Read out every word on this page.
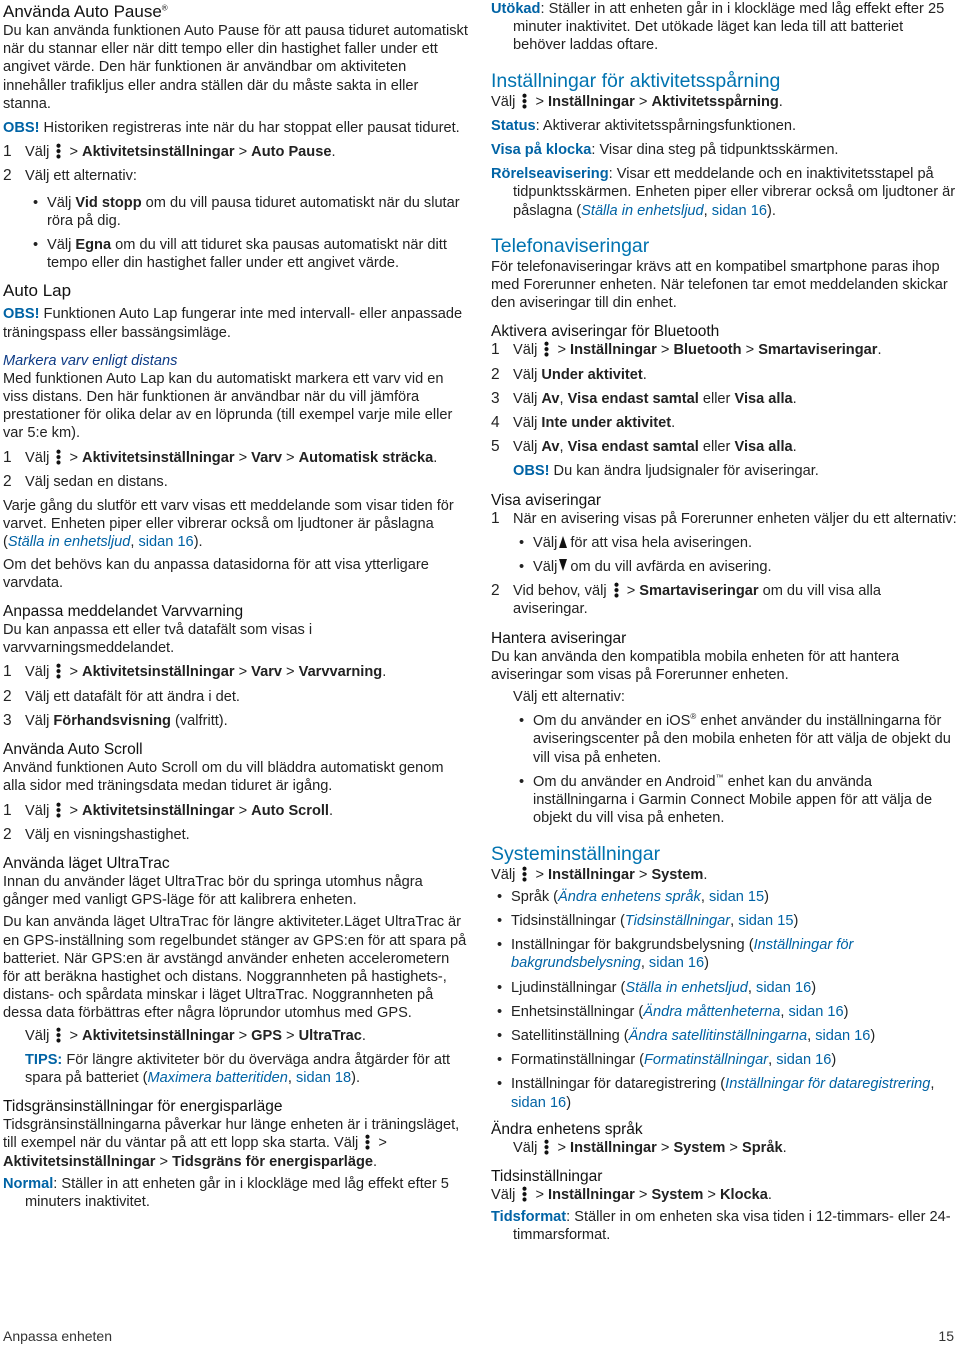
Använda Auto Pause®

Du kan använda funktionen Auto Pause för att pausa tiduret automatiskt när du stannar eller när ditt tempo eller din hastighet faller under ett angivet värde. Den här funktionen är användbar om aktiviteten innehåller trafikljus eller andra ställen där du måste sakta in eller stanna.

OBS! Historiken registreras inte när du har stoppat eller pausat tiduret.

1 Välj  > Aktivitetsinställningar > Auto Pause.
2 Välj ett alternativ:
• Välj Vid stopp om du vill pausa tiduret automatiskt när du slutar röra på dig.
• Välj Egna om du vill att tiduret ska pausas automatiskt när ditt tempo eller din hastighet faller under ett angivet värde.
Auto Lap

OBS! Funktionen Auto Lap fungerar inte med intervall- eller anpassade träningspass eller bassängsimläge.

Markera varv enligt distans

Med funktionen Auto Lap kan du automatiskt markera ett varv vid en viss distans. Den här funktionen är användbar när du vill jämföra prestationer för olika delar av en löprunda (till exempel varje mile eller var 5:e km).

1 Välj  > Aktivitetsinställningar > Varv > Automatisk sträcka.
2 Välj sedan en distans.

Varje gång du slutför ett varv visas ett meddelande som visar tiden för varvet. Enheten piper eller vibrerar också om ljudtoner är påslagna (Ställa in enhetsljud, sidan 16).

Om det behövs kan du anpassa datasidorna för att visa ytterligare varvdata.

Anpassa meddelandet Varvvarning

Du kan anpassa ett eller två datafält som visas i varvvarningsmeddelandet.

1 Välj  > Aktivitetsinställningar > Varv > Varvvarning.
2 Välj ett datafält för att ändra i det.
3 Välj Förhandsvisning (valfritt).
Använda Auto Scroll

Använd funktionen Auto Scroll om du vill bläddra automatiskt genom alla sidor med träningsdata medan tiduret är igång.

1 Välj  > Aktivitetsinställningar > Auto Scroll.
2 Välj en visningshastighet.
Använda läget UltraTrac

Innan du använder läget UltraTrac bör du springa utomhus några gånger med vanligt GPS-läge för att kalibrera enheten.

Du kan använda läget UltraTrac för längre aktiviteter.Läget UltraTrac är en GPS-inställning som regelbundet stänger av GPS:en för att spara på batteriet. När GPS:en är avstängd använder enheten accelerometern för att beräkna hastighet och distans. Noggrannheten på hastighets-, distans- och spårdata minskar i läget UltraTrac. Noggrannheten på dessa data förbättras efter några löprundor utomhus med GPS.

Välj  > Aktivitetsinställningar > GPS > UltraTrac.
TIPS: För längre aktiviteter bör du överväga andra åtgärder för att spara på batteriet (Maximera batteritiden, sidan 18).
Tidsgränsinställningar för energisparläge

Tidsgränsinställningarna påverkar hur länge enheten är i träningsläget, till exempel när du väntar på att ett lopp ska starta. Välj  > Aktivitetsinställningar > Tidsgräns för energisparläge.

Normal: Ställer in att enheten går in i klockläge med låg effekt efter 5 minuters inaktivitet.
Utökad: Ställer in att enheten går in i klockläge med låg effekt efter 25 minuter inaktivitet. Det utökade läget kan leda till att batteriet behöver laddas oftare.
Inställningar för aktivitetsspårning
Välj  > Inställningar > Aktivitetsspårning.
Status: Aktiverar aktivitetsspårningsfunktionen.
Visa på klocka: Visar dina steg på tidpunktsskärmen.
Rörelseavisering: Visar ett meddelande och en inaktivitetsstapel på tidpunktsskärmen. Enheten piper eller vibrerar också om ljudtoner är påslagna (Ställa in enhetsljud, sidan 16).
Telefonaviseringar

För telefonaviseringar krävs att en kompatibel smartphone paras ihop med Forerunner enheten. När telefonen tar emot meddelanden skickar den aviseringar till din enhet.

Aktivera aviseringar för Bluetooth
1 Välj  > Inställningar > Bluetooth > Smartaviseringar.
2 Välj Under aktivitet.
3 Välj Av, Visa endast samtal eller Visa alla.
4 Välj Inte under aktivitet.
5 Välj Av, Visa endast samtal eller Visa alla.
OBS! Du kan ändra ljudsignaler för aviseringar.
Visa aviseringar
1 När en avisering visas på Forerunner enheten väljer du ett alternativ:
• Välj för att visa hela aviseringen.
• Välj om du vill avfärda en avisering.
2 Vid behov, välj  > Smartaviseringar om du vill visa alla aviseringar.
Hantera aviseringar

Du kan använda den kompatibla mobila enheten för att hantera aviseringar som visas på Forerunner enheten.

Välj ett alternativ:
• Om du använder en iOS® enhet använder du inställningarna för aviseringscenter på den mobila enheten för att välja de objekt du vill visa på enheten.
• Om du använder en Android™ enhet kan du använda inställningarna i Garmin Connect Mobile appen för att välja de objekt du vill visa på enheten.
Systeminställningar
Välj  > Inställningar > System.
• Språk (Ändra enhetens språk, sidan 15)
• Tidsinställningar (Tidsinställningar, sidan 15)
• Inställningar för bakgrundsbelysning (Inställningar för bakgrundsbelysning, sidan 16)
• Ljudinställningar (Ställa in enhetsljud, sidan 16)
• Enhetsinställningar (Ändra måttenheterna, sidan 16)
• Satellitinställning (Ändra satellitinställningarna, sidan 16)
• Formatinställningar (Formatinställningar, sidan 16)
• Inställningar för dataregistrering (Inställningar för dataregistrering, sidan 16)
Ändra enhetens språk
Välj  > Inställningar > System > Språk.
Tidsinställningar
Välj  > Inställningar > System > Klocka.
Tidsformat: Ställer in om enheten ska visa tiden i 12-timmars- eller 24-timmarsformat.
Anpassa enheten	15
